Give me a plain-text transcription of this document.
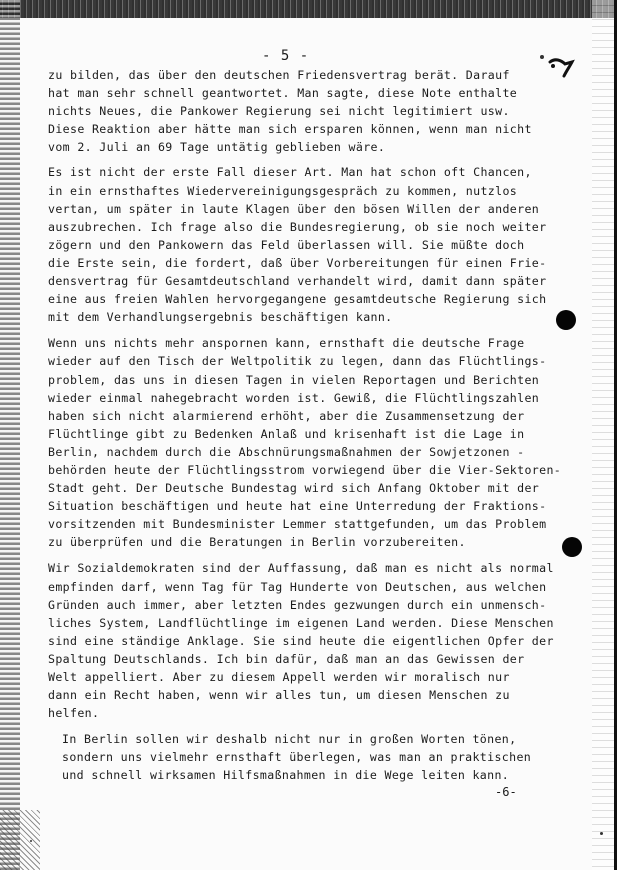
- 5 -
zu bilden, das über den deutschen Friedensvertrag berät. Darauf
hat man sehr schnell geantwortet. Man sagte, diese Note enthalte
nichts Neues, die Pankower Regierung sei nicht legitimiert usw.
Diese Reaktion aber hätte man sich ersparen können, wenn man nicht
vom 2. Juli an 69 Tage untätig geblieben wäre.
Es ist nicht der erste Fall dieser Art. Man hat schon oft Chancen,
in ein ernsthaftes Wiedervereinigungsgespräch zu kommen, nutzlos
vertan, um später in laute Klagen über den bösen Willen der anderen
auszubrechen. Ich frage also die Bundesregierung, ob sie noch weiter
zögern und den Pankowern das Feld überlassen will. Sie müßte doch
die Erste sein, die fordert, daß über Vorbereitungen für einen Frie-
densvertrag für Gesamtdeutschland verhandelt wird, damit dann später
eine aus freien Wahlen hervorgegangene gesamtdeutsche Regierung sich
mit dem Verhandlungsergebnis beschäftigen kann.
Wenn uns nichts mehr anspornen kann, ernsthaft die deutsche Frage
wieder auf den Tisch der Weltpolitik zu legen, dann das Flüchtlings-
problem, das uns in diesen Tagen in vielen Reportagen und Berichten
wieder einmal nahegebracht worden ist. Gewiß, die Flüchtlingszahlen
haben sich nicht alarmierend erhöht, aber die Zusammensetzung der
Flüchtlinge gibt zu Bedenken Anlaß und krisenhaft ist die Lage in
Berlin, nachdem durch die Abschnürungsmaßnahmen der Sowjetzonen -
behörden heute der Flüchtlingsstrom vorwiegend über die Vier-Sektoren-
Stadt geht. Der Deutsche Bundestag wird sich Anfang Oktober mit der
Situation beschäftigen und heute hat eine Unterredung der Fraktions-
vorsitzenden mit Bundesminister Lemmer stattgefunden, um das Problem
zu überprüfen und die Beratungen in Berlin vorzubereiten.
Wir Sozialdemokraten sind der Auffassung, daß man es nicht als normal
empfinden darf, wenn Tag für Tag Hunderte von Deutschen, aus welchen
Gründen auch immer, aber letzten Endes gezwungen durch ein unmensch-
liches System, Landflüchtlinge im eigenen Land werden. Diese Menschen
sind eine ständige Anklage. Sie sind heute die eigentlichen Opfer der
Spaltung Deutschlands. Ich bin dafür, daß man an das Gewissen der
Welt appelliert. Aber zu diesem Appell werden wir moralisch nur
dann ein Recht haben, wenn wir alles tun, um diesen Menschen zu
helfen.
In Berlin sollen wir deshalb nicht nur in großen Worten tönen,
sondern uns vielmehr ernsthaft überlegen, was man an praktischen
und schnell wirksamen Hilfsmaßnahmen in die Wege leiten kann.
-6-
